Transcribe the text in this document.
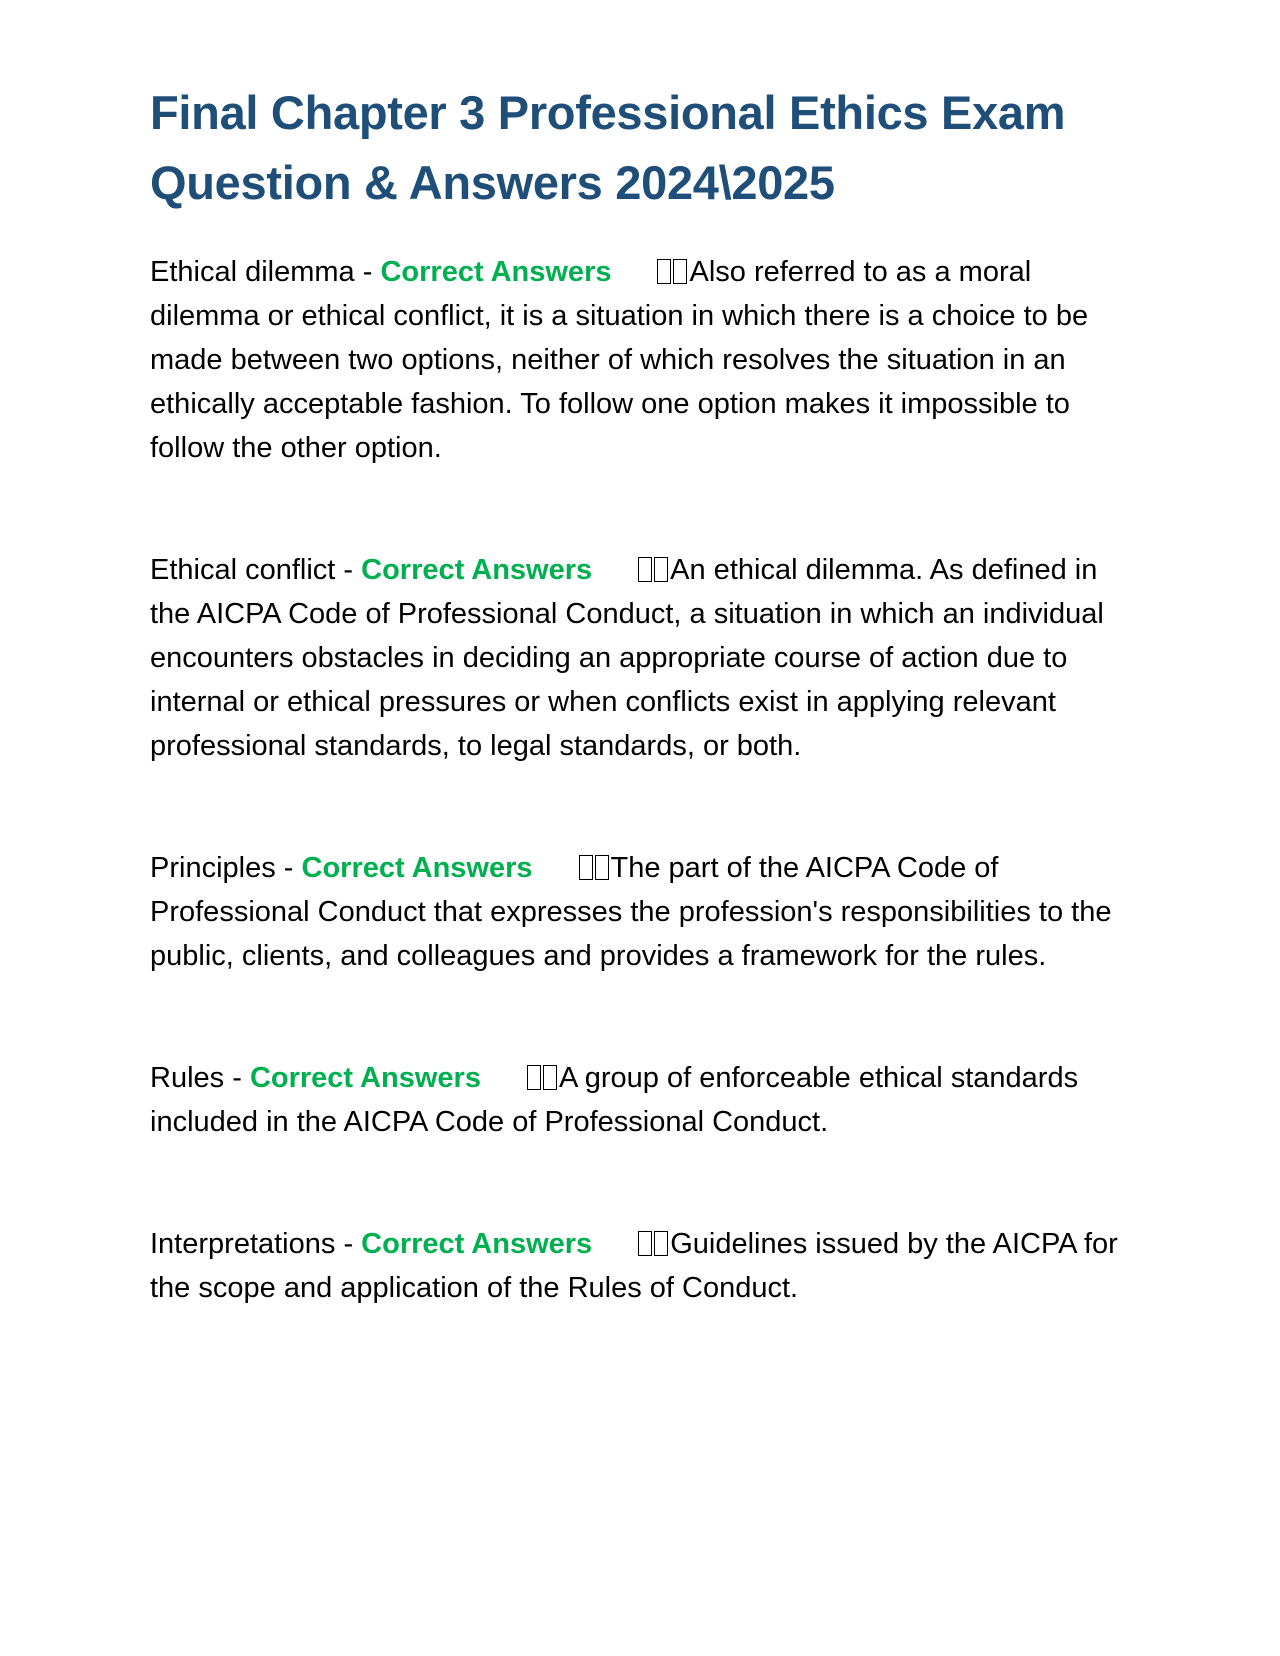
Final Chapter 3 Professional Ethics Exam Question & Answers 2024\2025

Ethical dilemma - Correct Answers	Also referred to as a moral dilemma or ethical conflict, it is a situation in which there is a choice to be made between two options, neither of which resolves the situation in an ethically acceptable fashion. To follow one option makes it impossible to follow the other option.

Ethical conflict - Correct Answers	An ethical dilemma. As defined in the AICPA Code of Professional Conduct, a situation in which an individual encounters obstacles in deciding an appropriate course of action due to internal or ethical pressures or when conflicts exist in applying relevant professional standards, to legal standards, or both.

Principles - Correct Answers	The part of the AICPA Code of Professional Conduct that expresses the profession's responsibilities to the public, clients, and colleagues and provides a framework for the rules.

Rules - Correct Answers	A group of enforceable ethical standards included in the AICPA Code of Professional Conduct.

Interpretations - Correct Answers	Guidelines issued by the AICPA for the scope and application of the Rules of Conduct.
